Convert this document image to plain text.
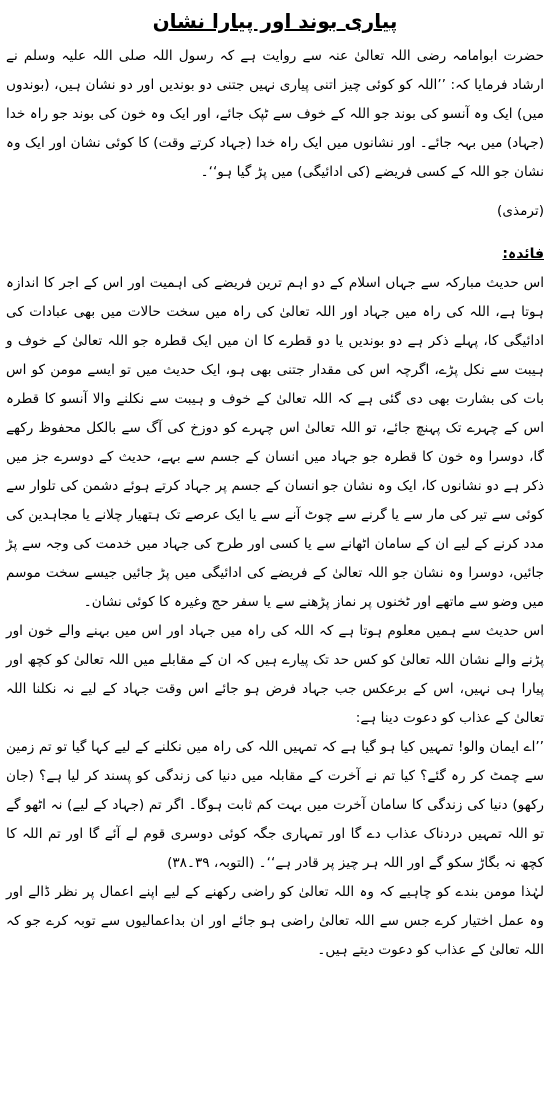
پیاری بوند اور پیارا نشان

حضرت ابوامامہ رضی اللہ تعالیٰ عنہ سے روایت ہے کہ رسول اللہ صلی اللہ علیہ وسلم نے ارشاد فرمایا کہ: ’’اللہ کو کوئی چیز اتنی پیاری نہیں جتنی دو بوندیں اور دو نشان ہیں، (بوندوں میں) ایک وہ آنسو کی بوند جو اللہ کے خوف سے ٹپک جائے، اور ایک وہ خون کی بوند جو راہ خدا (جہاد) میں بہہ جائے۔ اور نشانوں میں ایک راہ خدا (جہاد کرتے وقت) کا کوئی نشان اور ایک وہ نشان جو اللہ کے کسی فریضے (کی ادائیگی) میں پڑ گیا ہو‘‘۔

(ترمذی)

فائدہ:

اس حدیث مبارکہ سے جہاں اسلام کے دو اہم ترین فریضے کی اہمیت اور اس کے اجر کا اندازہ ہوتا ہے، اللہ کی راہ میں جہاد اور اللہ تعالیٰ کی راہ میں سخت حالات میں بھی عبادات کی ادائیگی کا، پہلے ذکر ہے دو بوندیں یا دو قطرے کا ان میں ایک قطرہ جو اللہ تعالیٰ کے خوف و ہیبت سے نکل پڑے، اگرچہ اس کی مقدار جتنی بھی ہو، ایک حدیث میں تو ایسے مومن کو اس بات کی بشارت بھی دی گئی ہے کہ اللہ تعالیٰ کے خوف و ہیبت سے نکلنے والا آنسو کا قطرہ اس کے چہرے تک پہنچ جائے، تو اللہ تعالیٰ اس چہرے کو دوزخ کی آگ سے بالکل محفوظ رکھے گا، دوسرا وہ خون کا قطرہ جو جہاد میں انسان کے جسم سے بہے، حدیث کے دوسرے جز میں ذکر ہے دو نشانوں کا، ایک وہ نشان جو انسان کے جسم پر جہاد کرتے ہوئے دشمن کی تلوار سے کوئی سے تیر کی مار سے یا گرنے سے چوٹ آنے سے یا ایک عرصے تک ہتھیار چلانے یا مجاہدین کی مدد کرنے کے لیے ان کے سامان اٹھانے سے یا کسی اور طرح کی جہاد میں خدمت کی وجہ سے پڑ جائیں، دوسرا وہ نشان جو اللہ تعالیٰ کے فریضے کی ادائیگی میں پڑ جائیں جیسے سخت موسم میں وضو سے ماتھے اور ٹخنوں پر نماز پڑھنے سے یا سفر حج وغیرہ کا کوئی نشان۔

اس حدیث سے ہمیں معلوم ہوتا ہے کہ اللہ کی راہ میں جہاد اور اس میں بہنے والے خون اور پڑنے والے نشان اللہ تعالیٰ کو کس حد تک پیارے ہیں کہ ان کے مقابلے میں اللہ تعالیٰ کو کچھ اور پیارا ہی نہیں، اس کے برعکس جب جہاد فرض ہو جائے اس وقت جہاد کے لیے نہ نکلنا اللہ تعالیٰ کے عذاب کو دعوت دینا ہے:

’’اے ایمان والو! تمہیں کیا ہو گیا ہے کہ تمہیں اللہ کی راہ میں نکلنے کے لیے کہا گیا تو تم زمین سے چمٹ کر رہ گئے؟ کیا تم نے آخرت کے مقابلہ میں دنیا کی زندگی کو پسند کر لیا ہے؟ (جان رکھو) دنیا کی زندگی کا سامان آخرت میں بہت کم ثابت ہوگا۔ اگر تم (جہاد کے لیے) نہ اٹھو گے تو اللہ تمہیں دردناک عذاب دے گا اور تمہاری جگہ کوئی دوسری قوم لے آئے گا اور تم اللہ کا کچھ نہ بگاڑ سکو گے اور اللہ ہر چیز پر قادر ہے‘‘۔ (التوبہ، ۳۹۔۳۸)

لہٰذا مومن بندے کو چاہیے کہ وہ اللہ تعالیٰ کو راضی رکھنے کے لیے اپنے اعمال پر نظر ڈالے اور وہ عمل اختیار کرے جس سے اللہ تعالیٰ راضی ہو جائے اور ان بداعمالیوں سے توبہ کرے جو کہ اللہ تعالیٰ کے عذاب کو دعوت دیتے ہیں۔
